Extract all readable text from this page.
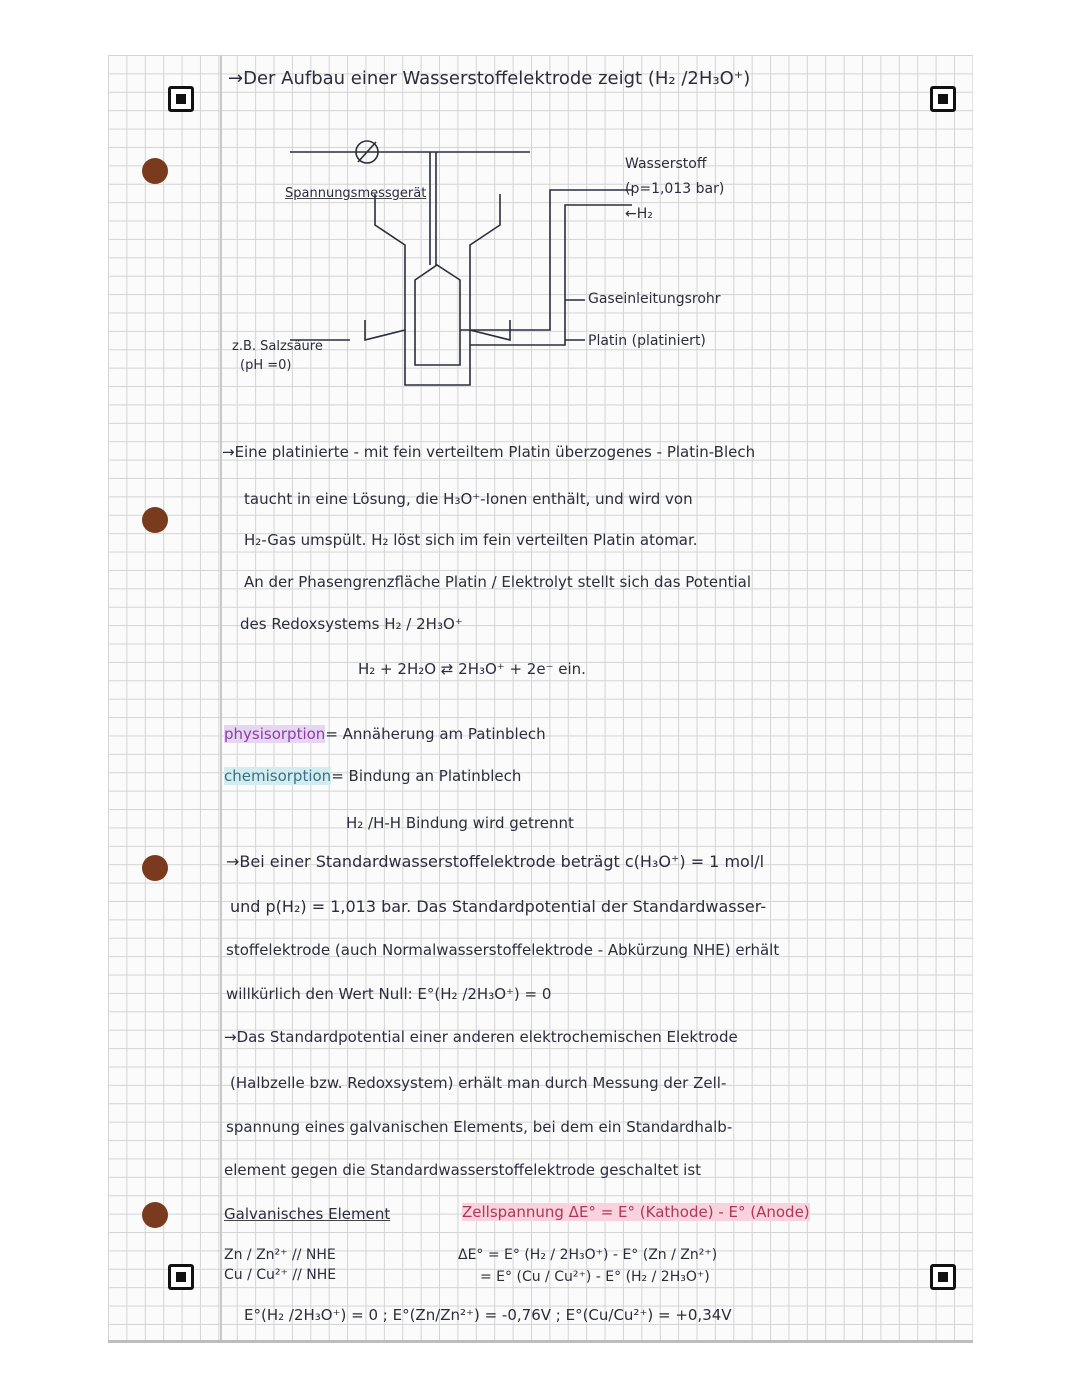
→Der Aufbau einer Wasserstoffelektrode zeigt (H₂ /2H₃O⁺)
Spannungsmessgerät
Wasserstoff
(p=1,013 bar)
←H₂
Gaseinleitungsrohr
Platin (platiniert)
z.B. Salzsäure
(pH =0)
→Eine platinierte - mit fein verteiltem Platin überzogenes - Platin-Blech
taucht in eine Lösung, die H₃O⁺-Ionen enthält, und wird von
H₂-Gas umspült. H₂ löst sich im fein verteilten Platin atomar.
An der Phasengrenzfläche Platin / Elektrolyt stellt sich das Potential
des Redoxsystems H₂ / 2H₃O⁺
H₂ + 2H₂O ⇄ 2H₃O⁺ + 2e⁻ ein.
physisorption= Annäherung am Patinblech
chemisorption= Bindung an Platinblech
H₂ /H-H Bindung wird getrennt
→Bei einer Standardwasserstoffelektrode beträgt c(H₃O⁺) = 1 mol/l
und p(H₂) = 1,013 bar. Das Standardpotential der Standardwasser-
stoffelektrode (auch Normalwasserstoffelektrode - Abkürzung NHE) erhält
willkürlich den Wert Null: E°(H₂ /2H₃O⁺) = 0
→Das Standardpotential einer anderen elektrochemischen Elektrode
(Halbzelle bzw. Redoxsystem) erhält man durch Messung der Zell-
spannung eines galvanischen Elements, bei dem ein Standardhalb-
element gegen die Standardwasserstoffelektrode geschaltet ist
Galvanisches Element	Zellspannung ΔE° = E° (Kathode) - E° (Anode)
Zn / Zn²⁺ // NHE
Cu / Cu²⁺ // NHE
ΔE° = E° (H₂ / 2H₃O⁺) - E° (Zn / Zn²⁺)
= E° (Cu / Cu²⁺) - E° (H₂ / 2H₃O⁺)
E°(H₂ /2H₃O⁺) = 0 ; E°(Zn/Zn²⁺) = -0,76V ; E°(Cu/Cu²⁺) = +0,34V
